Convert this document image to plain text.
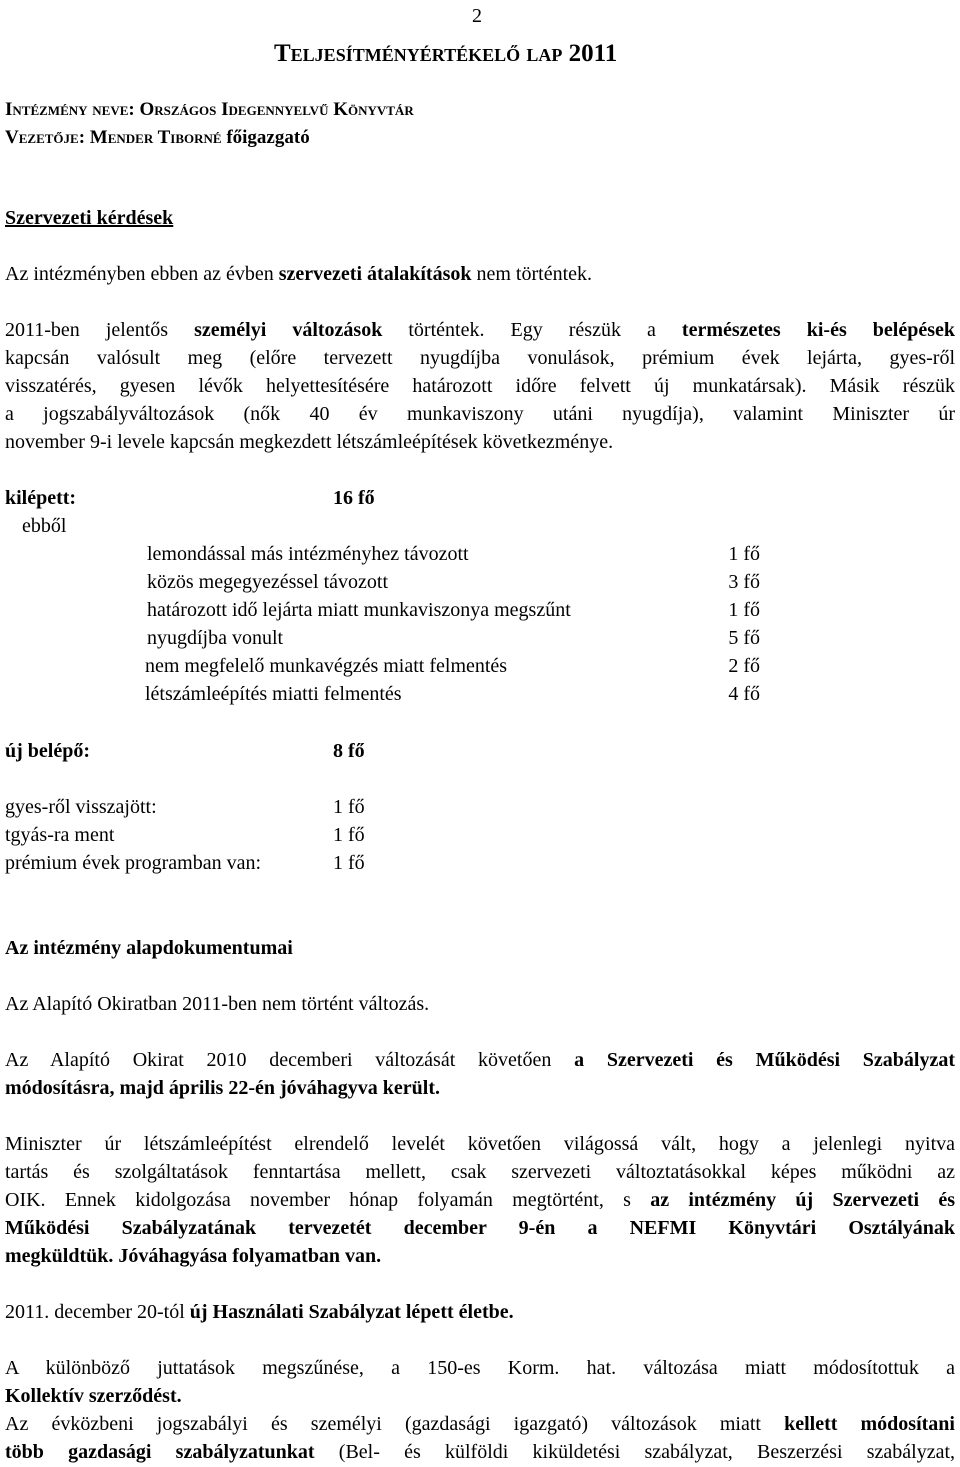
2
Teljesítményértékelő lap 2011
Intézmény neve: Országos Idegennyelvű Könyvtár
Vezetője: Mender Tiborné főigazgató
Szervezeti kérdések
Az intézményben ebben az évben szervezeti átalakítások nem történtek.
2011-ben jelentős személyi változások történtek. Egy részük a természetes ki-és belépések
kapcsán valósult meg (előre tervezett nyugdíjba vonulások, prémium évek lejárta, gyes-ről
visszatérés, gyesen lévők helyettesítésére határozott időre felvett új munkatársak). Másik részük
a jogszabályváltozások (nők 40 év munkaviszony utáni nyugdíja), valamint Miniszter úr
november 9-i levele kapcsán megkezdett létszámleépítések következménye.
kilépett:	16 fő
ebből
lemondással más intézményhez távozott	1 fő
közös megegyezéssel távozott	3 fő
határozott idő lejárta miatt munkaviszonya megszűnt	1 fő
nyugdíjba vonult	5 fő
nem megfelelő munkavégzés miatt felmentés	2 fő
létszámleépítés miatti felmentés	4 fő
új belépő:	8 fő
gyes-ről visszajött:	1 fő
tgyás-ra ment	1 fő
prémium évek programban van:	1 fő
Az intézmény alapdokumentumai
Az Alapító Okiratban 2011-ben nem történt változás.
Az Alapító Okirat 2010 decemberi változását követően a Szervezeti és Működési Szabályzat
módosításra, majd április 22-én jóváhagyva került.
Miniszter úr létszámleépítést elrendelő levelét követően világossá vált, hogy a jelenlegi nyitva
tartás és szolgáltatások fenntartása mellett, csak szervezeti változtatásokkal képes működni az
OIK. Ennek kidolgozása november hónap folyamán megtörtént, s az intézmény új Szervezeti és
Működési Szabályzatának tervezetét december 9-én a NEFMI Könyvtári Osztályának
megküldtük. Jóváhagyása folyamatban van.
2011. december 20-tól új Használati Szabályzat lépett életbe.
A különböző juttatások megszűnése, a 150-es Korm. hat. változása miatt módosítottuk a
Kollektív szerződést.
Az évközbeni jogszabályi és személyi (gazdasági igazgató) változások miatt kellett módosítani
több gazdasági szabályzatunkat (Bel- és külföldi kiküldetési szabályzat, Beszerzési szabályzat,
